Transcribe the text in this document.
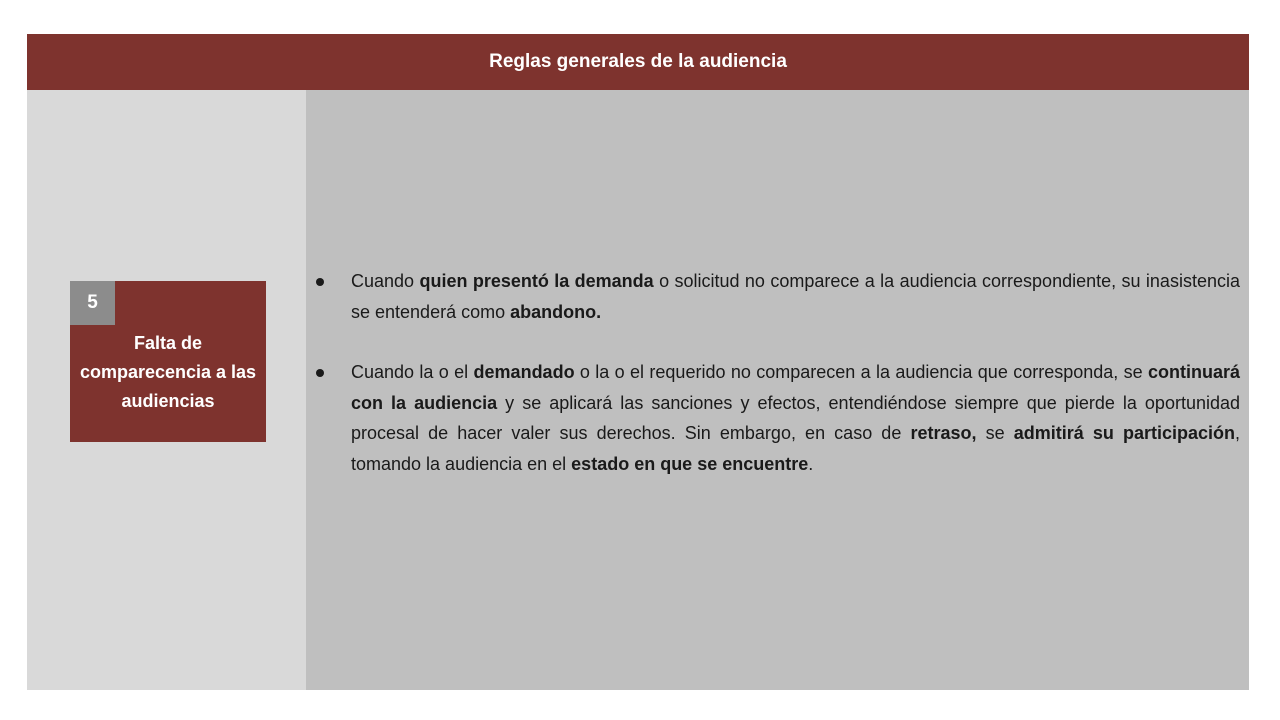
Reglas generales de la audiencia
Falta de comparecencia a las audiencias
5
Cuando quien presentó la demanda o solicitud no comparece a la audiencia correspondiente, su inasistencia se entenderá como abandono.
Cuando la o el demandado o la o el requerido no comparecen a la audiencia que corresponda, se continuará con la audiencia y se aplicará las sanciones y efectos, entendiéndose siempre que pierde la oportunidad procesal de hacer valer sus derechos. Sin embargo, en caso de retraso, se admitirá su participación, tomando la audiencia en el estado en que se encuentre.
